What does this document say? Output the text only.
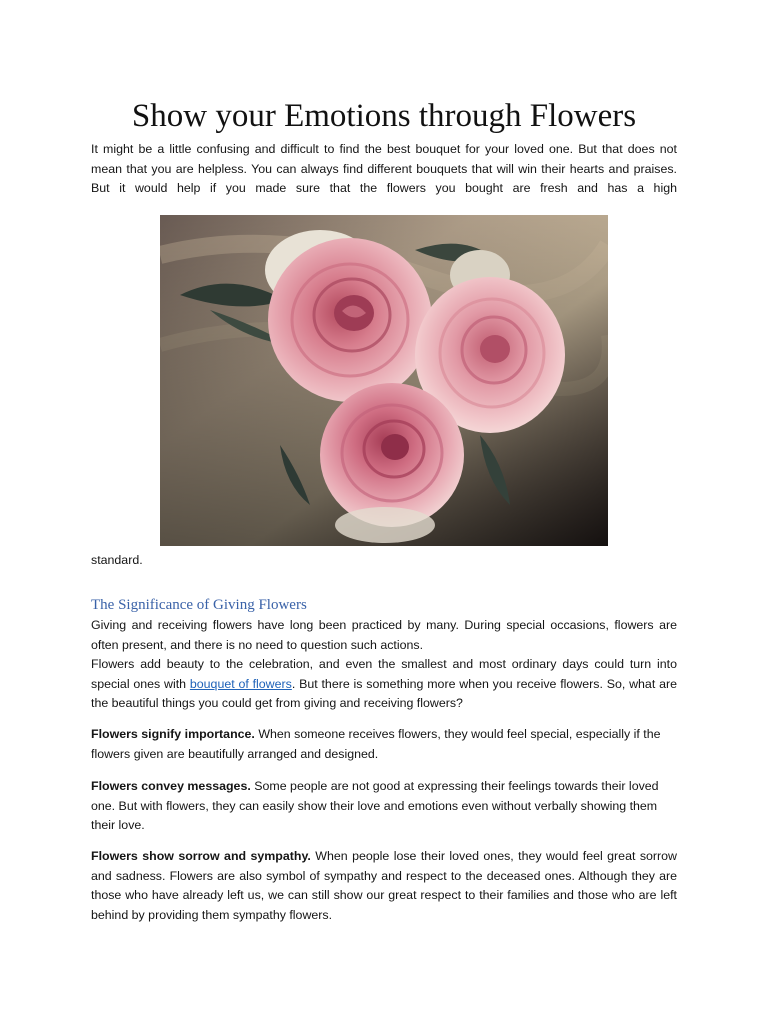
Show your Emotions through Flowers

It might be a little confusing and difficult to find the best bouquet for your loved one. But that does not mean that you are helpless. You can always find different bouquets that will win their hearts and praises. But it would help if you made sure that the flowers you bought are fresh and has a high

standard.

The Significance of Giving Flowers

Giving and receiving flowers have long been practiced by many. During special occasions, flowers are often present, and there is no need to question such actions.

Flowers add beauty to the celebration, and even the smallest and most ordinary days could turn into special ones with bouquet of flowers. But there is something more when you receive flowers. So, what are the beautiful things you could get from giving and receiving flowers?

Flowers signify importance. When someone receives flowers, they would feel special, especially if the flowers given are beautifully arranged and designed.

Flowers convey messages. Some people are not good at expressing their feelings towards their loved one. But with flowers, they can easily show their love and emotions even without verbally showing them their love.

Flowers show sorrow and sympathy. When people lose their loved ones, they would feel great sorrow and sadness. Flowers are also symbol of sympathy and respect to the deceased ones. Although they are those who have already left us, we can still show our great respect to their families and those who are left behind by providing them sympathy flowers.
